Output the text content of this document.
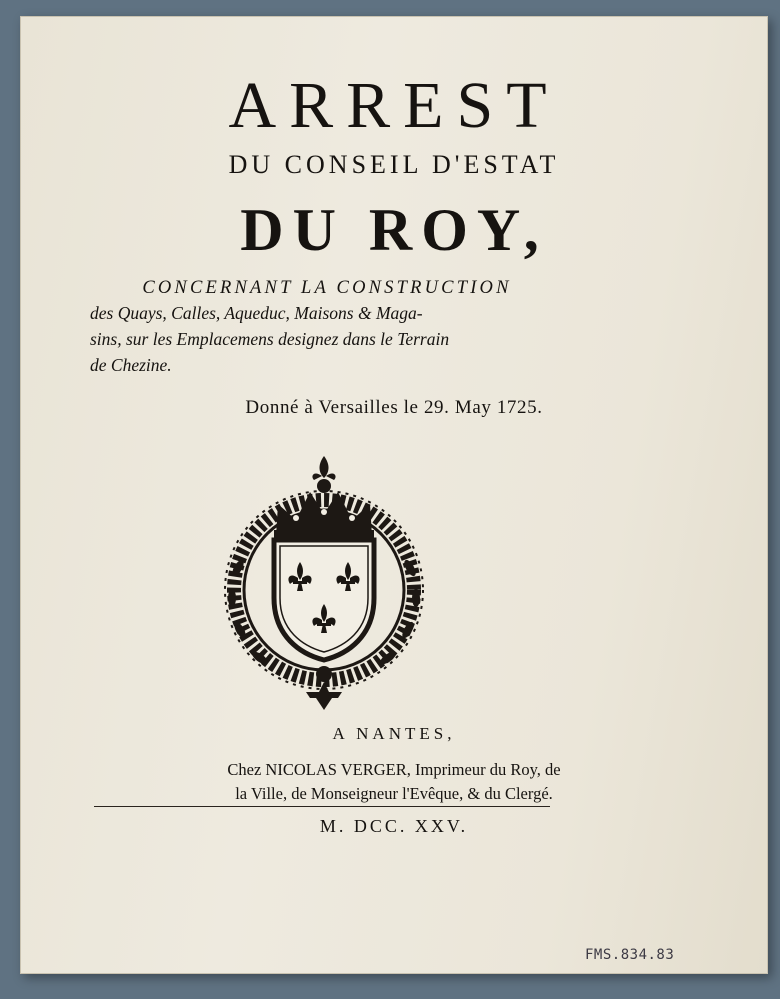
ARREST
DU CONSEIL D'ESTAT
DU ROY,
CONCERNANT LA CONSTRUCTION
des Quays, Calles, Aqueduc, Maisons & Maga-
sins, sur les Emplacemens designez dans le Terrain
de Chezine.
Donné à Versailles le 29. May 1725.
A NANTES,
Chez NICOLAS VERGER, Imprimeur du Roy, de
la Ville, de Monseigneur l'Evêque, & du Clergé.
M. DCC. XXV.
FMS.834.83
